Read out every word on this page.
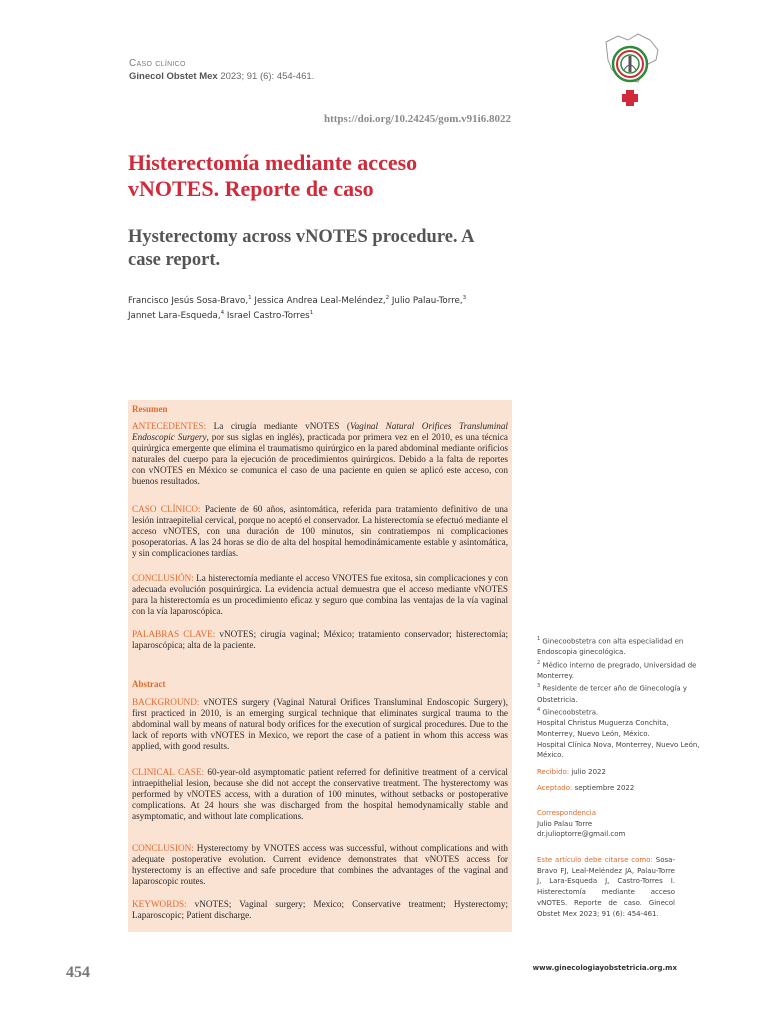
Caso clínico
Ginecol Obstet Mex 2023; 91 (6): 454-461.
https://doi.org/10.24245/gom.v91i6.8022
Histerectomía mediante acceso vNOTES. Reporte de caso
Hysterectomy across vNOTES procedure. A case report.
Francisco Jesús Sosa-Bravo,$^1$ Jessica Andrea Leal-Meléndez,$^2$ Julio Palau-Torre,$^3$
Jannet Lara-Esqueda,$^4$ Israel Castro-Torres$^1$
Resumen

ANTECEDENTES: La cirugía mediante vNOTES (Vaginal Natural Orifices Transluminal Endoscopic Surgery, por sus siglas en inglés), practicada por primera vez en el 2010, es una técnica quirúrgica emergente que elimina el traumatismo quirúrgico en la pared abdominal mediante orificios naturales del cuerpo para la ejecución de procedimientos quirúrgicos. Debido a la falta de reportes con vNOTES en México se comunica el caso de una paciente en quien se aplicó este acceso, con buenos resultados.

CASO CLÍNICO: Paciente de 60 años, asintomática, referida para tratamiento definitivo de una lesión intraepitelial cervical, porque no aceptó el conservador. La histerectomía se efectuó mediante el acceso vNOTES, con una duración de 100 minutos, sin contratiempos ni complicaciones posoperatorias. A las 24 horas se dio de alta del hospital hemodinámicamente estable y asintomática, y sin complicaciones tardías.

CONCLUSIÓN: La histerectomía mediante el acceso VNOTES fue exitosa, sin complicaciones y con adecuada evolución posquirúrgica. La evidencia actual demuestra que el acceso mediante vNOTES para la histerectomía es un procedimiento eficaz y seguro que combina las ventajas de la vía vaginal con la vía laparoscópica.

PALABRAS CLAVE: vNOTES; cirugía vaginal; México; tratamiento conservador; histerectomía; laparoscópica; alta de la paciente.

Abstract

BACKGROUND: vNOTES surgery (Vaginal Natural Orifices Transluminal Endoscopic Surgery), first practiced in 2010, is an emerging surgical technique that eliminates surgical trauma to the abdominal wall by means of natural body orifices for the execution of surgical procedures. Due to the lack of reports with vNOTES in Mexico, we report the case of a patient in whom this access was applied, with good results.

CLINICAL CASE: 60-year-old asymptomatic patient referred for definitive treatment of a cervical intraepithelial lesion, because she did not accept the conservative treatment. The hysterectomy was performed by vNOTES access, with a duration of 100 minutes, without setbacks or postoperative complications. At 24 hours she was discharged from the hospital hemodynamically stable and asymptomatic, and without late complications.

CONCLUSION: Hysterectomy by VNOTES access was successful, without complications and with adequate postoperative evolution. Current evidence demonstrates that vNOTES access for hysterectomy is an effective and safe procedure that combines the advantages of the vaginal and laparoscopic routes.

KEYWORDS: vNOTES; Vaginal surgery; Mexico; Conservative treatment; Hysterectomy; Laparoscopic; Patient discharge.

$^1$ Ginecoobstetra con alta especialidad en Endoscopia ginecológica.
$^2$ Médico interno de pregrado, Universidad de Monterrey.
$^3$ Residente de tercer año de Ginecología y Obstetricia.
$^4$ Ginecoobstetra.
Hospital Christus Muguerza Conchita, Monterrey, Nuevo León, México.
Hospital Clínica Nova, Monterrey, Nuevo León, México.
Recibido: julio 2022
Aceptado: septiembre 2022
Correspondencia
Julio Palau Torre
dr.julioptorre@gmail.com
Este artículo debe citarse como: Sosa-Bravo FJ, Leal-Meléndez JA, Palau-Torre J, Lara-Esqueda J, Castro-Torres I. Histerectomía mediante acceso vNOTES. Reporte de caso. Ginecol Obstet Mex 2023; 91 (6): 454-461.
454	www.ginecologiayobstetricia.org.mx
